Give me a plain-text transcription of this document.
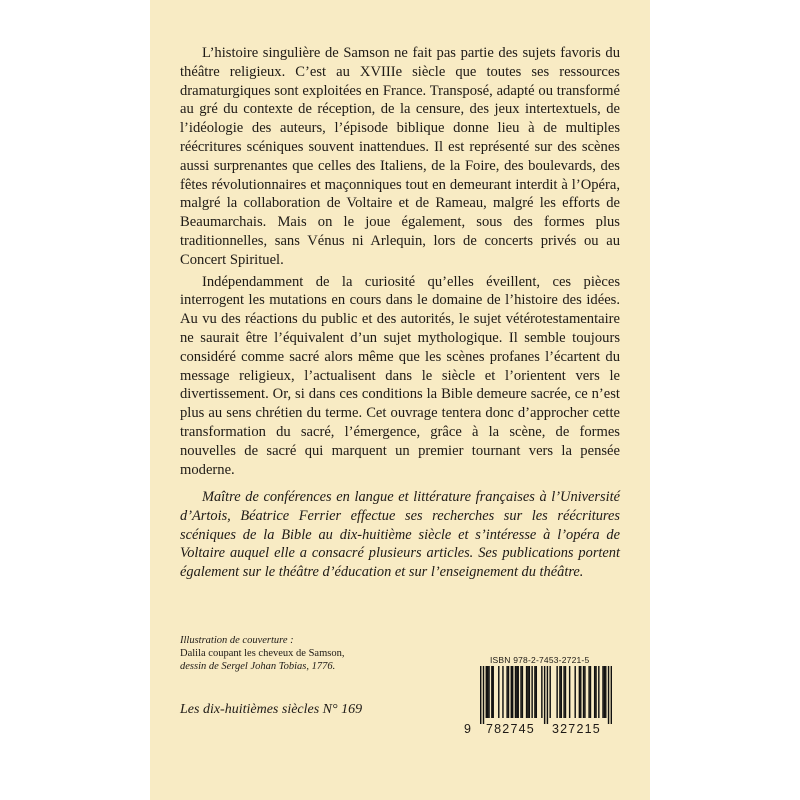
L’histoire singulière de Samson ne fait pas partie des sujets favoris du théâtre religieux. C’est au XVIIIe siècle que toutes ses ressources dramaturgiques sont exploitées en France. Transposé, adapté ou transformé au gré du contexte de réception, de la censure, des jeux intertextuels, de l’idéologie des auteurs, l’épisode biblique donne lieu à de multiples réécritures scéniques souvent inattendues. Il est représenté sur des scènes aussi surprenantes que celles des Italiens, de la Foire, des boulevards, des fêtes révolutionnaires et maçonniques tout en demeurant interdit à l’Opéra, malgré la collaboration de Voltaire et de Rameau, malgré les efforts de Beaumarchais. Mais on le joue également, sous des formes plus traditionnelles, sans Vénus ni Arlequin, lors de concerts privés ou au Concert Spirituel.

Indépendamment de la curiosité qu’elles éveillent, ces pièces interrogent les mutations en cours dans le domaine de l’histoire des idées. Au vu des réactions du public et des autorités, le sujet vétérotestamentaire ne saurait être l’équivalent d’un sujet mythologique. Il semble toujours considéré comme sacré alors même que les scènes profanes l’écartent du message religieux, l’actualisent dans le siècle et l’orientent vers le divertissement. Or, si dans ces conditions la Bible demeure sacrée, ce n’est plus au sens chrétien du terme. Cet ouvrage tentera donc d’approcher cette transformation du sacré, l’émergence, grâce à la scène, de formes nouvelles de sacré qui marquent un premier tournant vers la pensée moderne.

Maître de conférences en langue et littérature françaises à l’Université d’Artois, Béatrice Ferrier effectue ses recherches sur les réécritures scéniques de la Bible au dix-huitième siècle et s’intéresse à l’opéra de Voltaire auquel elle a consacré plusieurs articles. Ses publications portent également sur le théâtre d’éducation et sur l’enseignement du théâtre.

Illustration de couverture :
Dalila coupant les cheveux de Samson,
dessin de Sergel Johan Tobias, 1776.
Les dix-huitièmes siècles N° 169
ISBN 978-2-7453-2721-5
9 782745 327215
